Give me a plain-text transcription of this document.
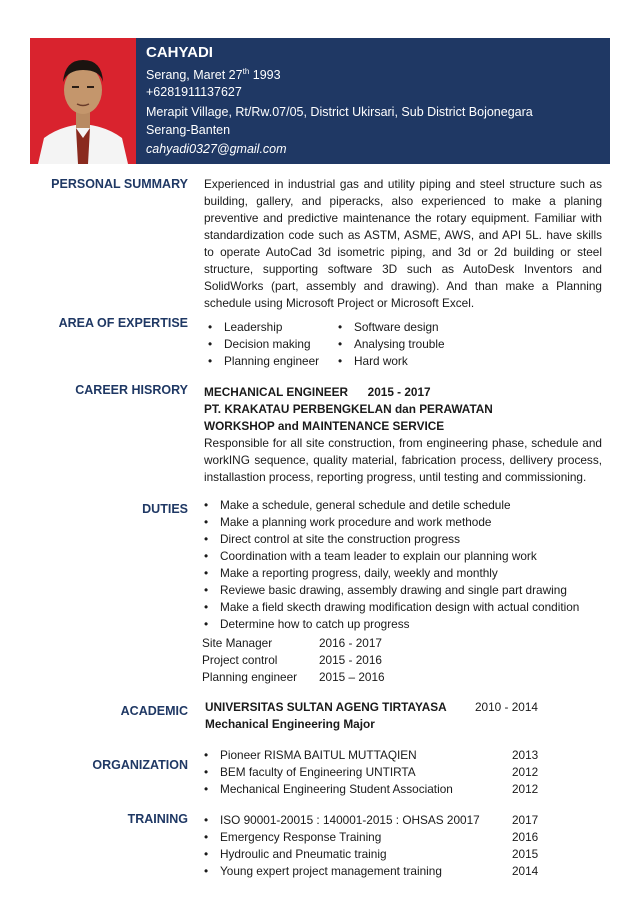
CAHYADI
Serang, Maret 27th 1993
+6281911137627
Merapit Village, Rt/Rw.07/05, District Ukirsari, Sub District Bojonegara
Serang-Banten
cahyadi0327@gmail.com
PERSONAL SUMMARY Experienced in industrial gas and utility piping and steel structure such as building, gallery, and piperacks, also experienced to make a planing preventive and predictive maintenance the rotary equipment. Familiar with standardization code such as ASTM, ASME, AWS, and API 5L. have skills to operate AutoCad 3d isometric piping, and 3d or 2d building or steel structure, supporting software 3D such as AutoDesk Inventors and SolidWorks (part, assembly and drawing). And than make a Planning schedule using Microsoft Project or Microsoft Excel.
AREA OF EXPERTISE	• Leadership
• Decision making
• Planning engineer
• Software design
• Analysing trouble
• Hard work
CAREER HISRORY MECHANICAL ENGINEER      2015 - 2017
PT. KRAKATAU PERBENGKELAN dan PERAWATAN
WORKSHOP and MAINTENANCE SERVICE
Responsible for all site construction, from engineering phase, schedule and workING sequence, quality material, fabrication process, dellivery process, installastion process, reporting progress, until testing and commissioning.
DUTIES	• Make a schedule, general schedule and detile schedule
• Make a planning work procedure and work methode
• Direct control at site the construction progress
• Coordination with a team leader to explain our planning work
• Make a reporting progress, daily, weekly and monthly
• Reviewe basic drawing, assembly drawing and single part drawing
• Make a field skecth drawing modification design with actual condition
• Determine how to catch up progress
Site Manager	2016 - 2017
Project control	2015 - 2016
Planning engineer 2015 – 2016
ACADEMIC UNIVERSITAS SULTAN AGENG TIRTAYASA 2010 - 2014
Mechanical Engineering Major
ORGANIZATION
• Pioneer RISMA BAITUL MUTTAQIEN	2013
• BEM faculty of Engineering UNTIRTA	2012
• Mechanical Engineering Student Association	2012
TRAINING	• ISO 90001-20015 : 140001-2015 : OHSAS 20017	2017
• Emergency Response Training	2016
• Hydroulic and Pneumatic trainig	2015
• Young expert project management training	2014
